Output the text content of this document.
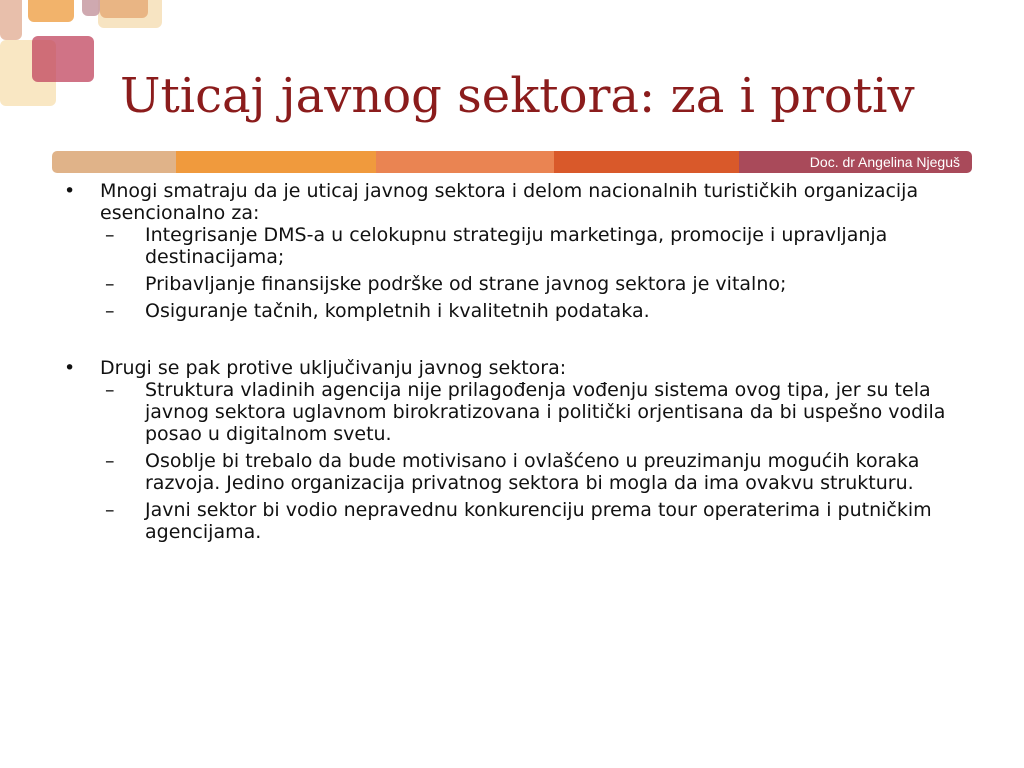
Uticaj javnog sektora: za i protiv
Doc. dr Angelina Njeguš
• Mnogi smatraju da je uticaj javnog sektora i delom nacionalnih turističkih organizacija esencionalno za:
– Integrisanje DMS-a u celokupnu strategiju marketinga, promocije i upravljanja destinacijama;
– Pribavljanje finansijske podrške od strane javnog sektora je vitalno;
– Osiguranje tačnih, kompletnih i kvalitetnih podataka.
• Drugi se pak protive uključivanju javnog sektora:
– Struktura vladinih agencija nije prilagođenja vođenju sistema ovog tipa, jer su tela javnog sektora uglavnom birokratizovana i politički orjentisana da bi uspešno vodila posao u digitalnom svetu.
– Osoblje bi trebalo da bude motivisano i ovlašćeno u preuzimanju mogućih koraka razvoja. Jedino organizacija privatnog sektora bi mogla da ima ovakvu strukturu.
– Javni sektor bi vodio nepravednu konkurenciju prema tour operaterima i putničkim agencijama.
